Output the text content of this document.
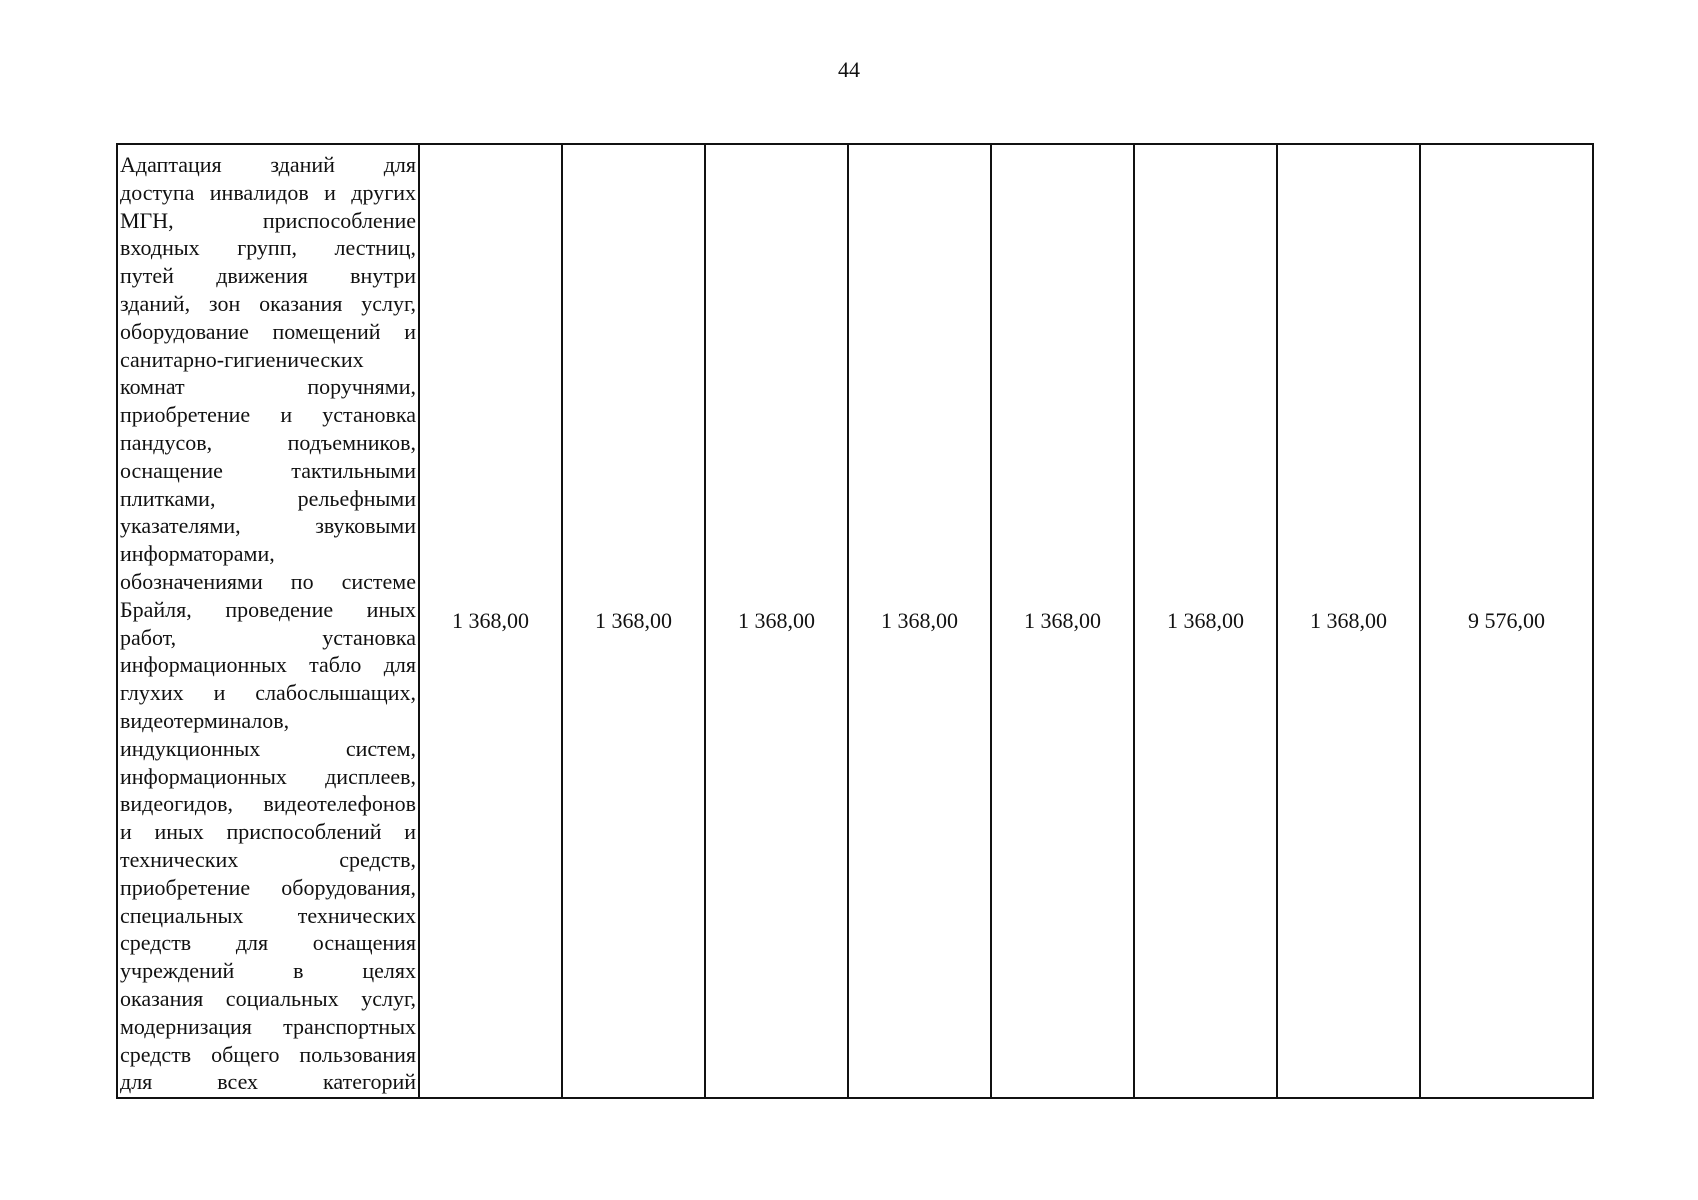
44
Адаптация зданий для
доступа инвалидов и других
МГН, приспособление
входных групп, лестниц,
путей движения внутри
зданий, зон оказания услуг,
оборудование помещений и
санитарно-гигиенических
комнат поручнями,
приобретение и установка
пандусов, подъемников,
оснащение тактильными
плитками, рельефными
указателями, звуковыми
информаторами,
обозначениями по системе
Брайля, проведение иных
работ, установка
информационных табло для
глухих и слабослышащих,
видеотерминалов,
индукционных систем,
информационных дисплеев,
видеогидов, видеотелефонов
и иных приспособлений и
технических средств,
приобретение оборудования,
специальных технических
средств для оснащения
учреждений в целях
оказания социальных услуг,
модернизация транспортных
средств общего пользования
для всех категорий
	1 368,00	1 368,00	1 368,00	1 368,00	1 368,00	1 368,00	1 368,00	9 576,00
